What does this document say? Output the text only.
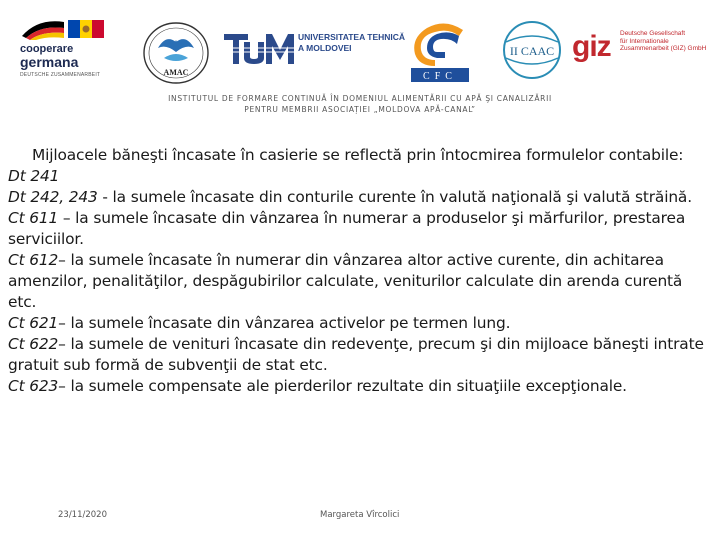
cooperare
germana
DEUTSCHE ZUSAMMENARBEIT	AMAC
UNIVERSITATEA TEHNICĂ
A MOLDOVEI
CFC
II CAAC giz Deutsche Gesellschaft
für Internationale
Zusammenarbeit (GIZ) GmbH
INSTITUTUL DE FORMARE CONTINUĂ ÎN DOMENIUL ALIMENTĂRII CU APĂ ŞI CANALIZĂRII
PENTRU MEMBRII ASOCIAȚIEI „MOLDOVA APĂ-CANAL”

Mijloacele băneşti încasate în casierie se reflectă prin întocmirea formulelor contabile:

Dt 241

Dt 242, 243 - la sumele încasate din conturile curente în valută naţională şi valută străină.

Ct 611 – la sumele încasate din vânzarea în numerar a produselor şi mărfurilor, prestarea serviciilor.

Ct 612– la sumele încasate în numerar din vânzarea altor active curente, din achitarea amenzilor, penalităţilor, despăgubirilor calculate, veniturilor calculate din arenda curentă etc.

Ct 621– la sumele încasate din vânzarea activelor pe termen lung.

Ct 622– la sumele de venituri încasate din redevenţe, precum şi din mijloace băneşti intrate gratuit sub formă de subvenţii de stat etc.

Ct 623– la sumele compensate ale pierderilor rezultate din situaţiile excepţionale.

23/11/2020	Margareta Vîrcolici
